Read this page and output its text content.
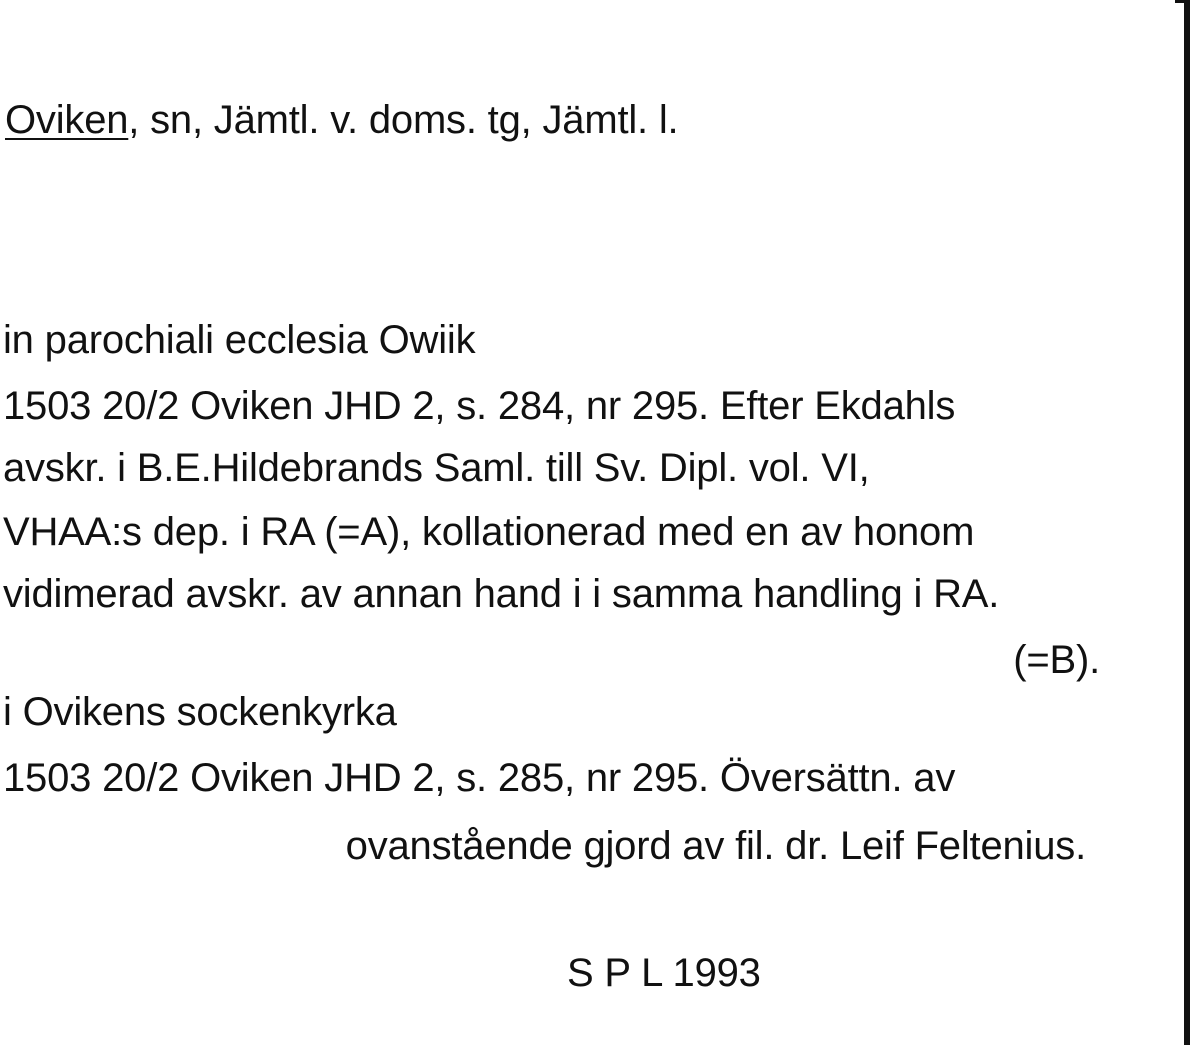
Oviken, sn, Jämtl. v. doms. tg, Jämtl. l.
in parochiali ecclesia Owiik
1503 20/2 Oviken JHD 2, s. 284, nr 295. Efter Ekdahls
avskr. i B.E.Hildebrands Saml. till Sv. Dipl. vol. VI,
VHAA:s dep. i RA (=A), kollationerad med en av honom
vidimerad avskr. av annan hand i i samma handling i RA.
(=B).
i Ovikens sockenkyrka
1503 20/2 Oviken JHD 2, s. 285, nr 295. Översättn. av
ovanstående gjord av fil. dr. Leif Feltenius.
S P L 1993
